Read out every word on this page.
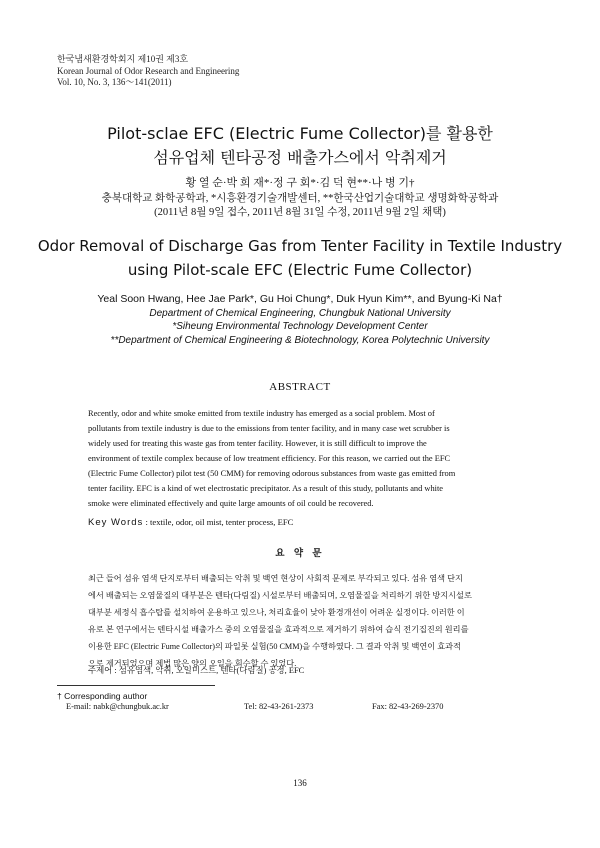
한국냄새환경학회지 제10권 제3호
Korean Journal of Odor Research and Engineering
Vol. 10, No. 3, 136～141(2011)
Pilot-sclae EFC (Electric Fume Collector)를 활용한
섬유업체 텐타공정 배출가스에서 악취제거
황 열 순·박 희 재*·정 구 회*·김 덕 현**·나 병 기†
충북대학교 화학공학과, *시흥환경기술개발센터, **한국산업기술대학교 생명화학공학과
(2011년 8월 9일 접수, 2011년 8월 31일 수정, 2011년 9월 2일 채택)
Odor Removal of Discharge Gas from Tenter Facility in Textile Industry
using Pilot-scale EFC (Electric Fume Collector)
Yeal Soon Hwang, Hee Jae Park*, Gu Hoi Chung*, Duk Hyun Kim**, and Byung-Ki Na†
Department of Chemical Engineering, Chungbuk National University
*Siheung Environmental Technology Development Center
**Department of Chemical Engineering & Biotechnology, Korea Polytechnic University
ABSTRACT
Recently, odor and white smoke emitted from textile industry has emerged as a social problem. Most of
pollutants from textile industry is due to the emissions from tenter facility, and in many case wet scrubber is
widely used for treating this waste gas from tenter facility. However, it is still difficult to improve the
environment of textile complex because of low treatment efficiency. For this reason, we carried out the EFC
(Electric Fume Collector) pilot test (50 CMM) for removing odorous substances from waste gas emitted from
tenter facility. EFC is a kind of wet electrostatic precipitator. As a result of this study, pollutants and white
smoke were eliminated effectively and quite large amounts of oil could be recovered.
Key Words : textile, odor, oil mist, tenter process, EFC
요 약 문
최근 들어 섬유 염색 단지로부터 배출되는 악취 및 백연 현상이 사회적 문제로 부각되고 있다. 섬유 염색 단지
에서 배출되는 오염물질의 대부분은 텐타(다림질) 시설로부터 배출되며, 오염물질을 처리하기 위한 방지시설로
대부분 세정식 흡수탑를 설치하여 운용하고 있으나, 처리효율이 낮아 환경개선이 어려운 실정이다. 이러한 이
유로 본 연구에서는 텐타시설 배출가스 중의 오염물질을 효과적으로 제거하기 위하여 습식 전기집진의 원리를
이용한 EFC (Electric Fume Collector)의 파일롯 실험(50 CMM)을 수행하였다. 그 결과 악취 및 백연이 효과적
으로 제거되었으며 제법 많은 양의 오일을 회수할 수 있었다.
주제어 : 섬유염색, 악취, 오일미스트, 텐타(다림질) 공정, EFC
† Corresponding author
E-mail: nabk@chungbuk.ac.kr	Tel: 82-43-261-2373	Fax: 82-43-269-2370
136
